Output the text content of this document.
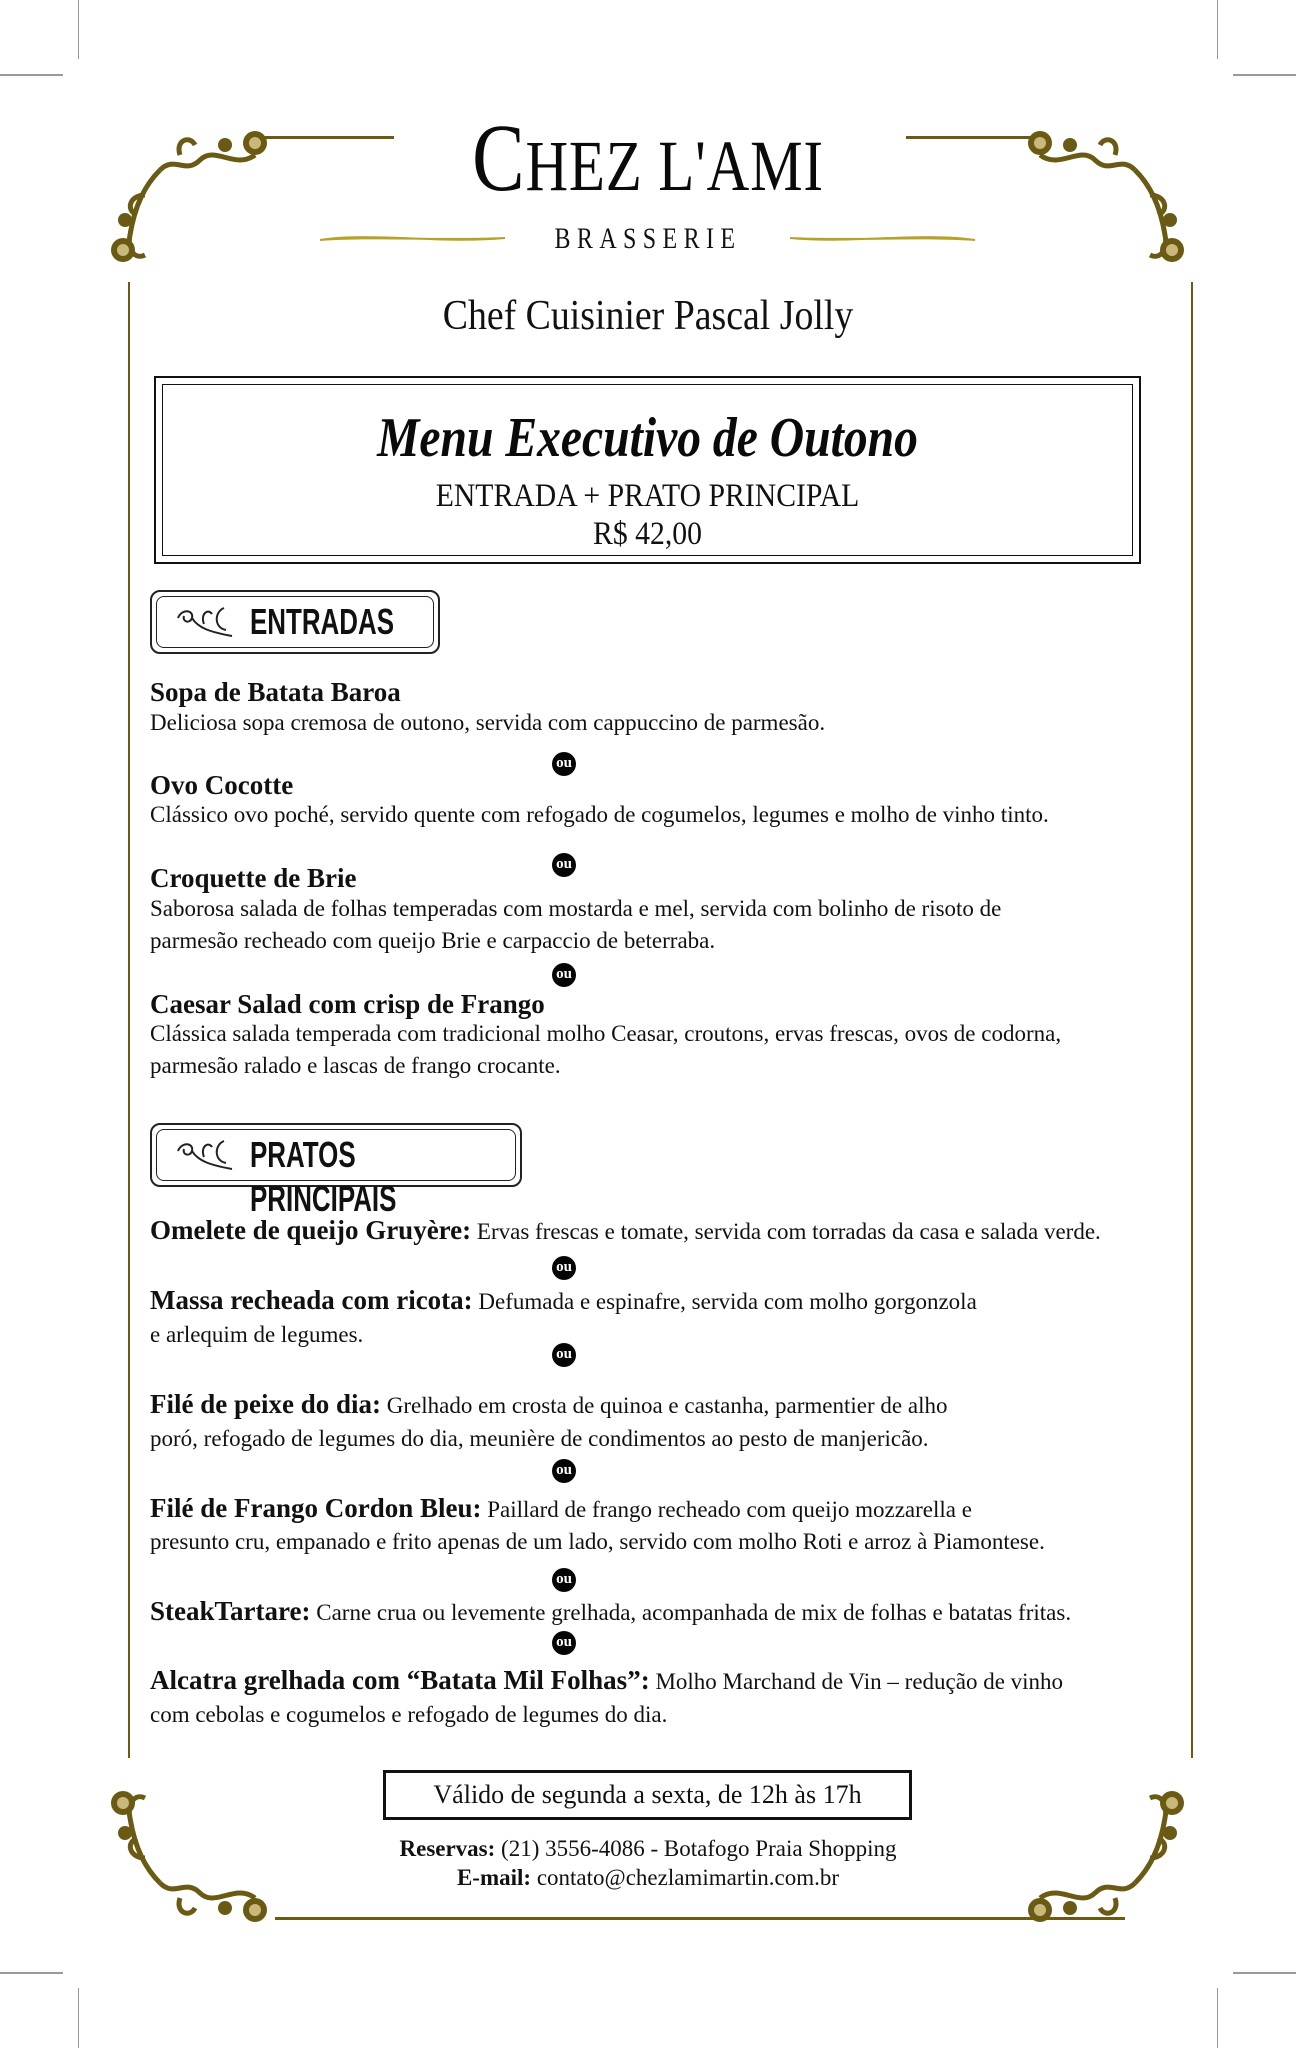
CHEZ L'AMI
BRASSERIE
Chef Cuisinier Pascal Jolly
Menu Executivo de Outono
ENTRADA + PRATO PRINCIPAL
R$ 42,00
ENTRADAS
Sopa de Batata Baroa
Deliciosa sopa cremosa de outono, servida com cappuccino de parmesão.
ou
Ovo Cocotte
Clássico ovo poché, servido quente com refogado de cogumelos, legumes e molho de vinho tinto.
ou
Croquette de Brie
Saborosa salada de folhas temperadas com mostarda e mel, servida com bolinho de risoto de
parmesão recheado com queijo Brie e carpaccio de beterraba.
ou
Caesar Salad com crisp de Frango
Clássica salada temperada com tradicional molho Ceasar, croutons, ervas frescas, ovos de codorna,
parmesão ralado e lascas de frango crocante.
PRATOS PRINCIPAIS
Omelete de queijo Gruyère: Ervas frescas e tomate, servida com torradas da casa e salada verde.
ou
Massa recheada com ricota: Defumada e espinafre, servida com molho gorgonzola
e arlequim de legumes.
ou
Filé de peixe do dia: Grelhado em crosta de quinoa e castanha, parmentier de alho
poró, refogado de legumes do dia, meunière de condimentos ao pesto de manjericão.
ou
Filé de Frango Cordon Bleu: Paillard de frango recheado com queijo mozzarella e
presunto cru, empanado e frito apenas de um lado, servido com molho Roti e arroz à Piamontese.
ou
SteakTartare: Carne crua ou levemente grelhada, acompanhada de mix de folhas e batatas fritas.
ou
Alcatra grelhada com “Batata Mil Folhas”: Molho Marchand de Vin – redução de vinho
com cebolas e cogumelos e refogado de legumes do dia.
Válido de segunda a sexta, de 12h às 17h
Reservas: (21) 3556-4086 - Botafogo Praia Shopping
E-mail: contato@chezlamimartin.com.br
